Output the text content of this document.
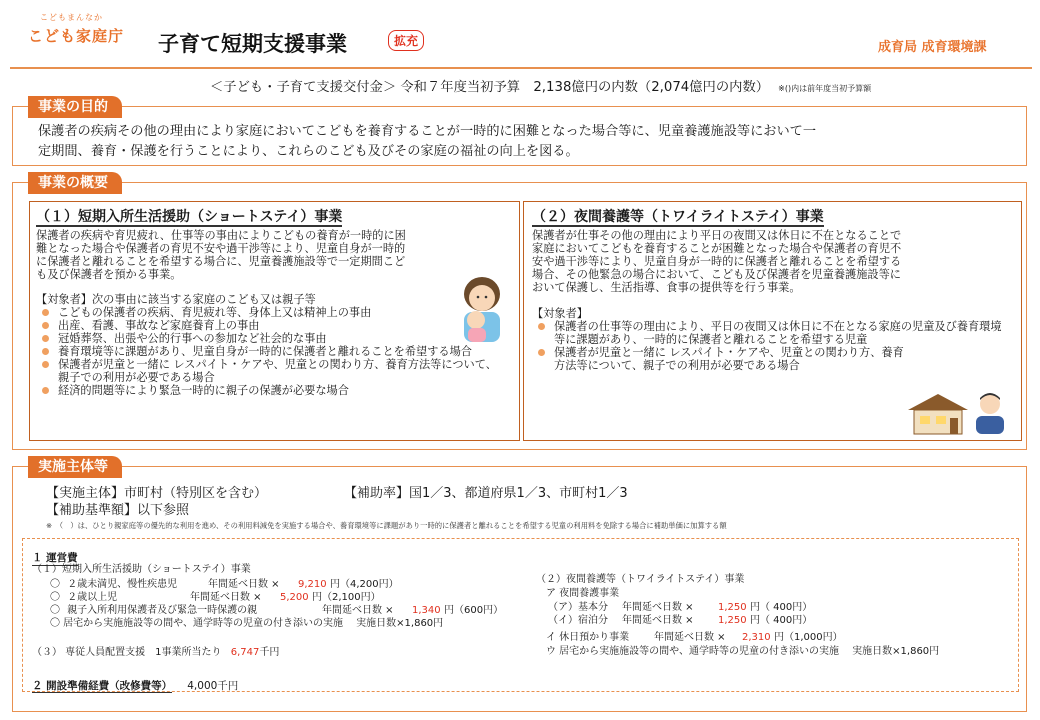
こどもまんなか
こども家庭庁	子育て短期支援事業	拡充	成育局 成育環境課
＜子ども・子育て支援交付金＞ 令和７年度当初予算　2,138億円の内数（2,074億円の内数） ※()内は前年度当初予算額
事業の目的
保護者の疾病その他の理由により家庭においてこどもを養育することが一時的に困難となった場合等に、児童養護施設等において一
定期間、養育・保護を行うことにより、これらのこども及びその家庭の福祉の向上を図る。
事業の概要
（１）短期入所生活援助（ショートステイ）事業
保護者の疾病や育児疲れ、仕事等の事由によりこどもの養育が一時的に困
難となった場合や保護者の育児不安や過干渉等により、児童自身が一時的
に保護者と離れることを希望する場合に、児童養護施設等で一定期間こど
も及び保護者を預かる事業。
【対象者】次の事由に該当する家庭のこども又は親子等
こどもの保護者の疾病、育児疲れ等、身体上又は精神上の事由
出産、看護、事故など家庭養育上の事由
冠婚葬祭、出張や公的行事への参加など社会的な事由
養育環境等に課題があり、児童自身が一時的に保護者と離れることを希望する場合
保護者が児童と一緒に レスパイト・ケアや、児童との関わり方、養育方法等について、親子での利用が必要である場合
経済的問題等により緊急一時的に親子の保護が必要な場合
（２）夜間養護等（トワイライトステイ）事業
保護者が仕事その他の理由により平日の夜間又は休日に不在となることで
家庭においてこどもを養育することが困難となった場合や保護者の育児不
安や過干渉等により、児童自身が一時的に保護者と離れることを希望する
場合、その他緊急の場合において、こども及び保護者を児童養護施設等に
おいて保護し、生活指導、食事の提供等を行う事業。
【対象者】
保護者の仕事等の理由により、平日の夜間又は休日に不在となる家庭の児童及び養育環境等に課題があり、一時的に保護者と離れることを希望する児童
保護者が児童と一緒に レスパイト・ケアや、児童との関わり方、養育方法等について、親子での利用が必要である場合
実施主体等
【実施主体】市町村（特別区を含む）	【補助率】国1／3、都道府県1／3、市町村1／3
【補助基準額】以下参照
※　（　）は、ひとり親家庭等の優先的な利用を進め、その利用料減免を実施する場合や、養育環境等に課題があり一時的に保護者と離れることを希望する児童の利用料を免除する場合に補助単価に加算する額
１ 運営費
（１）短期入所生活援助（ショートステイ）事業
〇 ２歳未満児、慢性疾患児	年間延べ日数 × 9,210 円 （4,200円）
〇 ２歳以上児	年間延べ日数 × 5,200 円 （2,100円）
〇 親子入所利用保護者及び緊急一時保護の親	年間延べ日数 × 1,340 円 （600円）
〇 居宅から実施施設等の間や、通学時等の児童の付き添いの実施　 実施日数×1,860円
（３） 専従人員配置支援　1事業所当たり 6,747千円
（２）夜間養護等（トワイライトステイ）事業
ア 夜間養護事業
（ア）基本分 年間延べ日数 × 1,250 円 （ 400円）
（イ）宿泊分 年間延べ日数 × 1,250 円 （ 400円）
イ 休日預かり事業 年間延べ日数 × 2,310 円 （1,000円）
ウ 居宅から実施施設等の間や、通学時等の児童の付き添いの実施　 実施日数×1,860円
２ 開設準備経費（改修費等） 4,000千円
